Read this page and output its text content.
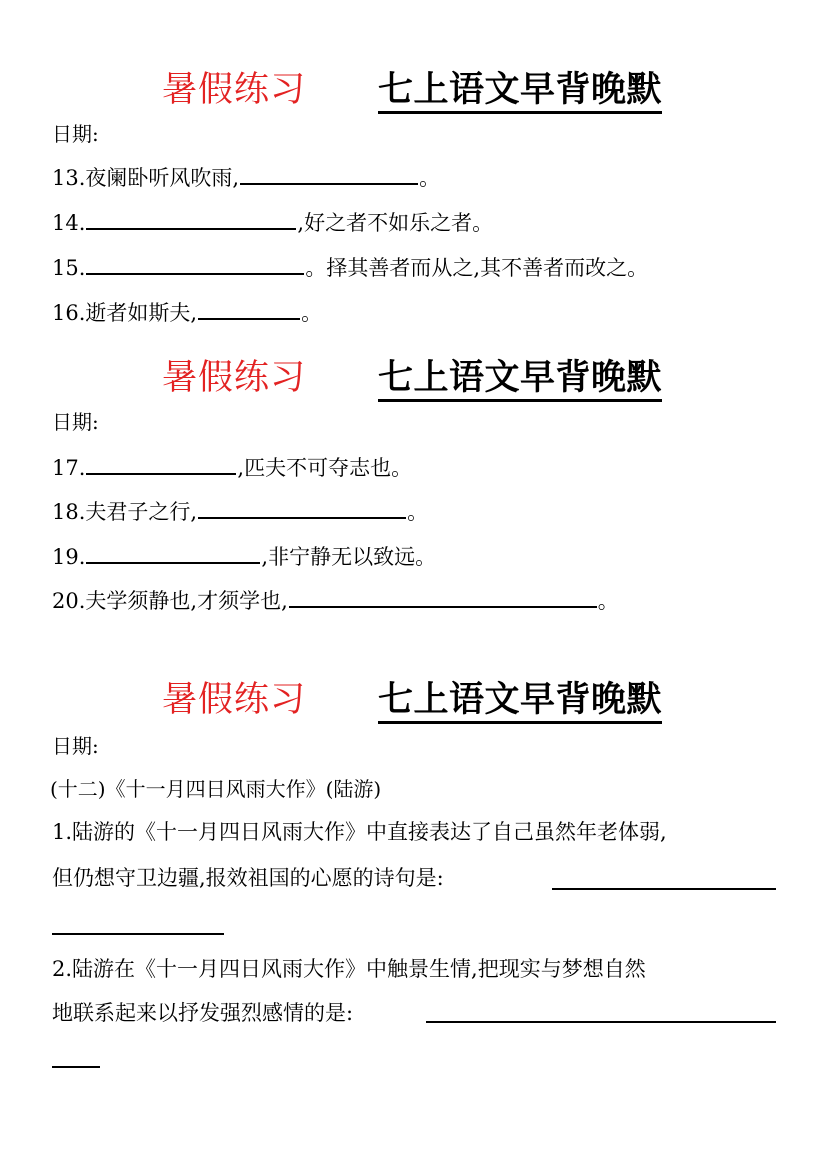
暑假练习 七上语文早背晚默
日期:
13.夜阑卧听风吹雨,	。
14.	,好之者不如乐之者。
15.	。择其善者而从之,其不善者而改之。
16.逝者如斯夫,	。
暑假练习 七上语文早背晚默
日期:
17.	,匹夫不可夺志也。
18.夫君子之行,	。
19.	,非宁静无以致远。
20.夫学须静也,才须学也,	。
暑假练习 七上语文早背晚默
日期:
(十二)《十一月四日风雨大作》(陆游)
1.陆游的《十一月四日风雨大作》中直接表达了自己虽然年老体弱,
但仍想守卫边疆,报效祖国的心愿的诗句是:
2.陆游在《十一月四日风雨大作》中触景生情,把现实与梦想自然
地联系起来以抒发强烈感情的是:
